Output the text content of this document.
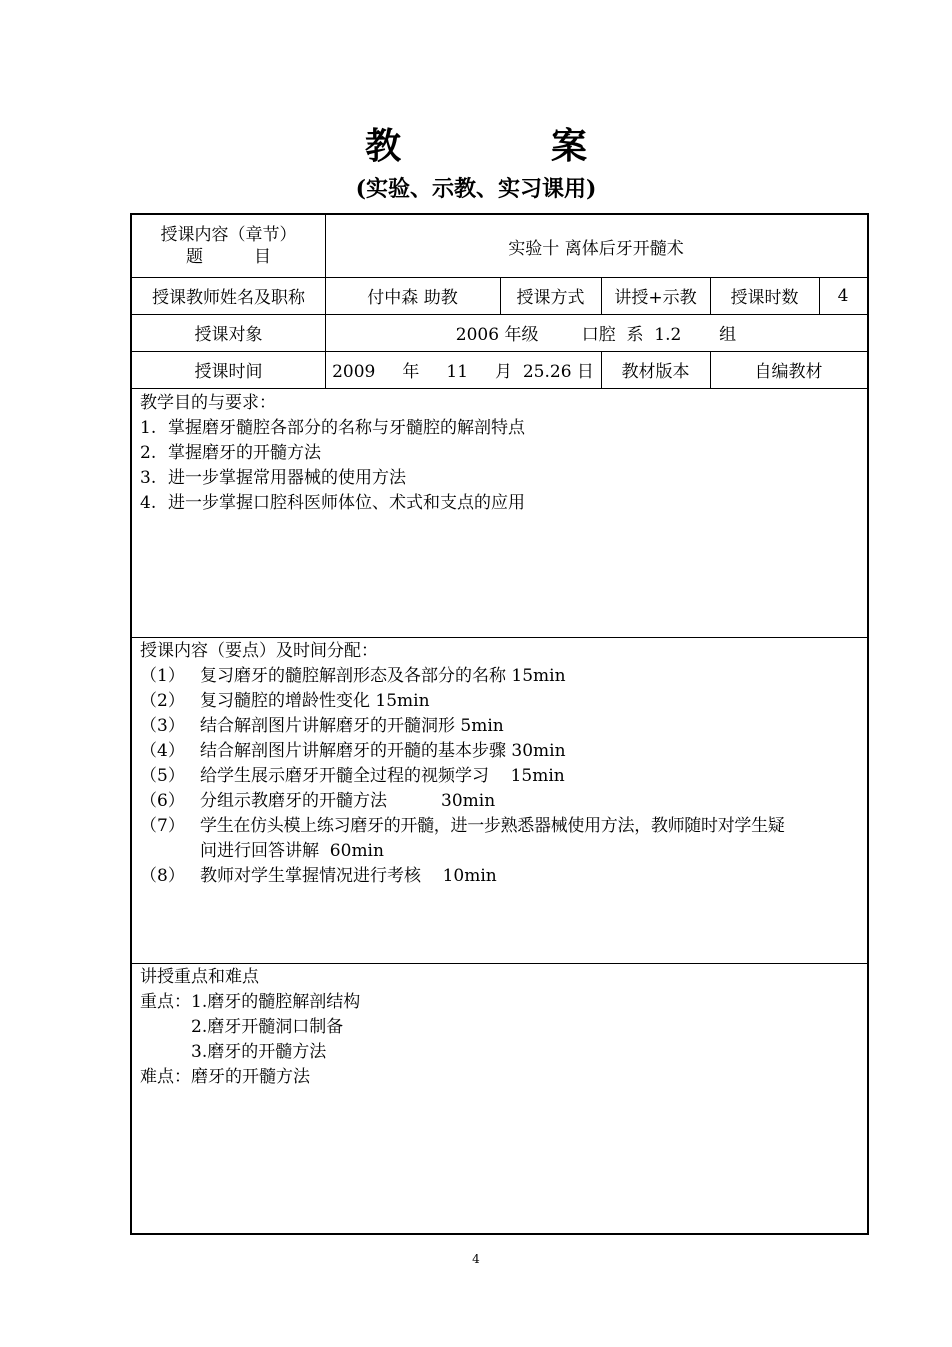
教	案
(实验、示教、实习课用)
授课内容（章节）
题　　　目	实验十 离体后牙开髓术
授课教师姓名及职称	付中森 助教	授课方式	讲授+示教	授课时数	4
授课对象	2006 年级        口腔  系  1.2       组
授课时间	2009     年     11     月  25.26 日	教材版本	自编教材
教学目的与要求：
1. 掌握磨牙髓腔各部分的名称与牙髓腔的解剖特点
2. 掌握磨牙的开髓方法
3. 进一步掌握常用器械的使用方法
4. 进一步掌握口腔科医师体位、术式和支点的应用
授课内容（要点）及时间分配：
（1） 复习磨牙的髓腔解剖形态及各部分的名称 15min
（2） 复习髓腔的增龄性变化 15min
（3） 结合解剖图片讲解磨牙的开髓洞形 5min
（4） 结合解剖图片讲解磨牙的开髓的基本步骤 30min
（5） 给学生展示磨牙开髓全过程的视频学习    15min
（6） 分组示教磨牙的开髓方法          30min
（7） 学生在仿头模上练习磨牙的开髓，进一步熟悉器械使用方法，教师随时对学生疑
问进行回答讲解  60min
（8） 教师对学生掌握情况进行考核    10min
讲授重点和难点
重点：1.磨牙的髓腔解剖结构
2.磨牙开髓洞口制备
3.磨牙的开髓方法
难点：磨牙的开髓方法
4
